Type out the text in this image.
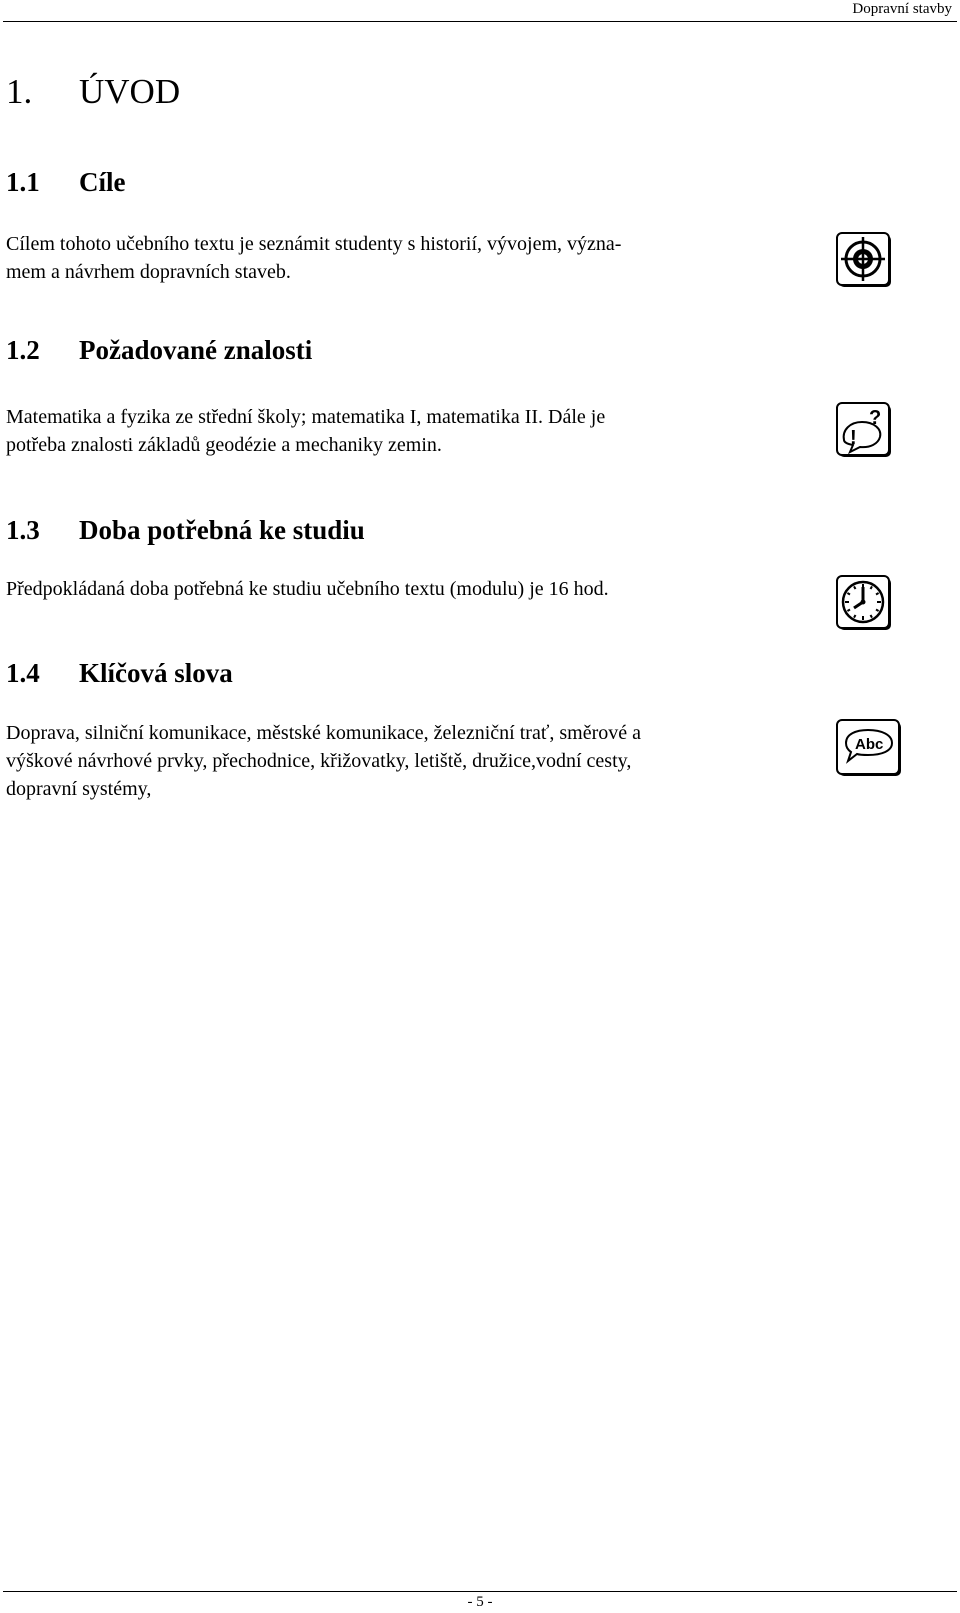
Dopravní stavby
1. ÚVOD
1.1 Cíle
Cílem tohoto učebního textu je seznámit studenty s historií, vývojem, význa-
mem a návrhem dopravních staveb.
1.2 Požadované znalosti
Matematika a fyzika ze střední školy; matematika I, matematika II. Dále je
potřeba znalosti základů geodézie a mechaniky zemin.
?
!
1.3 Doba potřebná ke studiu
Předpokládaná doba potřebná ke studiu učebního textu (modulu) je 16 hod.
1.4 Klíčová slova
Doprava, silniční komunikace, městské komunikace, železniční trať, směrové a
výškové návrhové prvky, přechodnice, křižovatky, letiště, družice,vodní cesty,
dopravní systémy,
Abc
- 5 -
